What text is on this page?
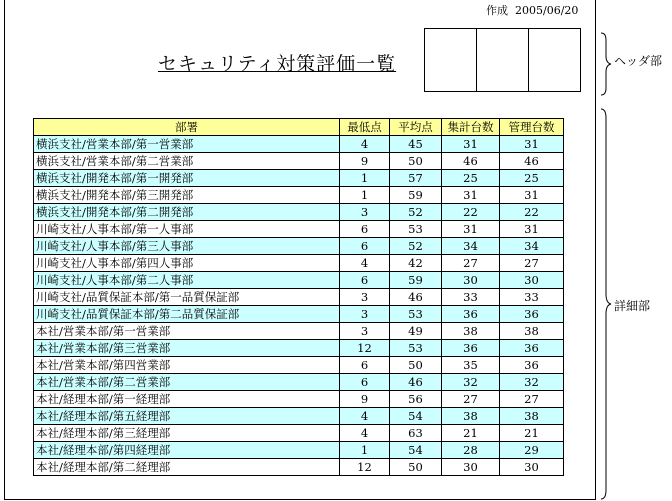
作成 2005/06/20
セキュリティ対策評価一覧
部署	最低点	平均点	集計台数	管理台数
横浜支社/営業本部/第一営業部	4	45	31	31
横浜支社/営業本部/第二営業部	9	50	46	46
横浜支社/開発本部/第一開発部	1	57	25	25
横浜支社/開発本部/第三開発部	1	59	31	31
横浜支社/開発本部/第二開発部	3	52	22	22
川崎支社/人事本部/第一人事部	6	53	31	31
川崎支社/人事本部/第三人事部	6	52	34	34
川崎支社/人事本部/第四人事部	4	42	27	27
川崎支社/人事本部/第二人事部	6	59	30	30
川崎支社/品質保証本部/第一品質保証部	3	46	33	33
川崎支社/品質保証本部/第二品質保証部	3	53	36	36
本社/営業本部/第一営業部	3	49	38	38
本社/営業本部/第三営業部	12	53	36	36
本社/営業本部/第四営業部	6	50	35	36
本社/営業本部/第二営業部	6	46	32	32
本社/経理本部/第一経理部	9	56	27	27
本社/経理本部/第五経理部	4	54	38	38
本社/経理本部/第三経理部	4	63	21	21
本社/経理本部/第四経理部	1	54	28	29
本社/経理本部/第二経理部	12	50	30	30
ヘッダ部
詳細部
